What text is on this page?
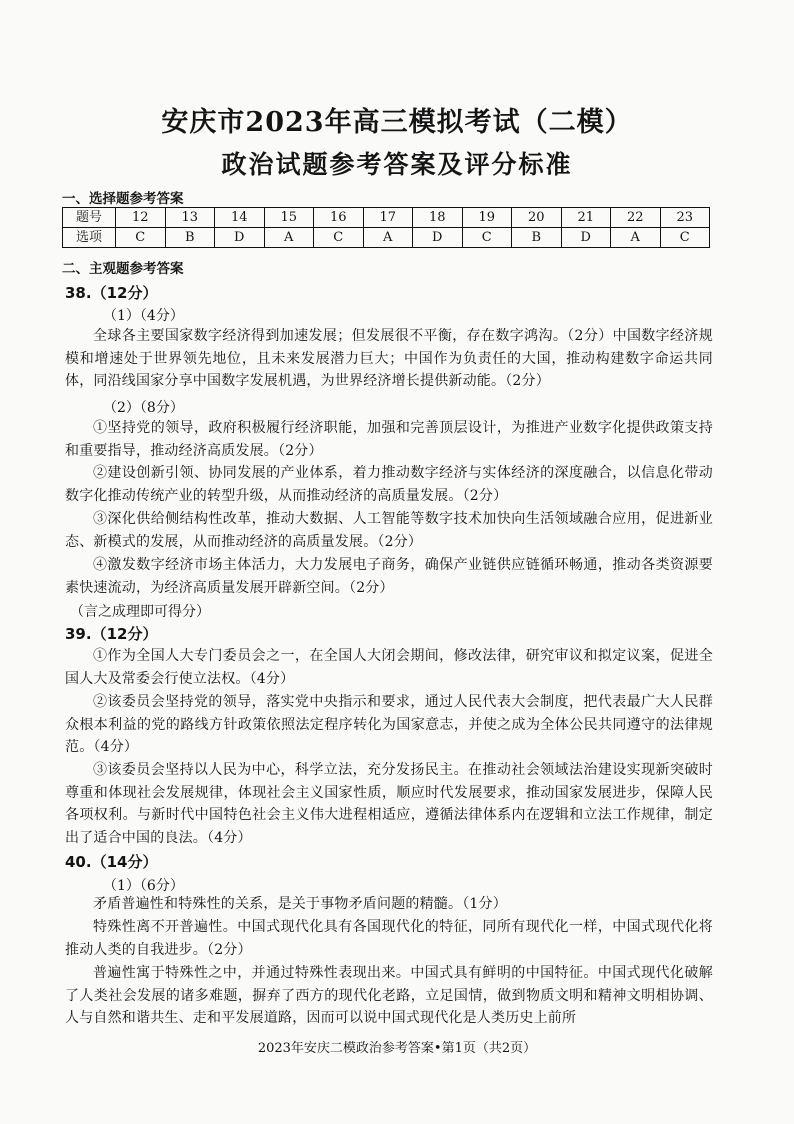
安庆市2023年高三模拟考试（二模）
政治试题参考答案及评分标准
一、选择题参考答案
题号	12	13	14	15	16	17	18	19	20	21	22	23
选项	C	B	D	A	C	A	D	C	B	D	A	C
二、主观题参考答案
38.（12分）
（1）（4分）
全球各主要国家数字经济得到加速发展；但发展很不平衡，存在数字鸿沟。（2分）中国数字经济规模和增速处于世界领先地位，且未来发展潜力巨大；中国作为负责任的大国，推动构建数字命运共同体，同沿线国家分享中国数字发展机遇，为世界经济增长提供新动能。（2分）
（2）（8分）
①坚持党的领导，政府积极履行经济职能，加强和完善顶层设计，为推进产业数字化提供政策支持和重要指导，推动经济高质发展。（2分）
②建设创新引领、协同发展的产业体系，着力推动数字经济与实体经济的深度融合，以信息化带动数字化推动传统产业的转型升级，从而推动经济的高质量发展。（2分）
③深化供给侧结构性改革，推动大数据、人工智能等数字技术加快向生活领域融合应用，促进新业态、新模式的发展，从而推动经济的高质量发展。（2分）
④激发数字经济市场主体活力，大力发展电子商务，确保产业链供应链循环畅通，推动各类资源要素快速流动，为经济高质量发展开辟新空间。（2分）
（言之成理即可得分）
39.（12分）
①作为全国人大专门委员会之一，在全国人大闭会期间，修改法律，研究审议和拟定议案，促进全国人大及常委会行使立法权。（4分）
②该委员会坚持党的领导，落实党中央指示和要求，通过人民代表大会制度，把代表最广大人民群众根本利益的党的路线方针政策依照法定程序转化为国家意志，并使之成为全体公民共同遵守的法律规范。（4分）
③该委员会坚持以人民为中心，科学立法，充分发扬民主。在推动社会领域法治建设实现新突破时尊重和体现社会发展规律，体现社会主义国家性质，顺应时代发展要求，推动国家发展进步，保障人民各项权利。与新时代中国特色社会主义伟大进程相适应，遵循法律体系内在逻辑和立法工作规律，制定出了适合中国的良法。（4分）
40.（14分）
（1）（6分）
矛盾普遍性和特殊性的关系，是关于事物矛盾问题的精髓。（1分）
特殊性离不开普遍性。中国式现代化具有各国现代化的特征，同所有现代化一样，中国式现代化将推动人类的自我进步。（2分）
普遍性寓于特殊性之中，并通过特殊性表现出来。中国式具有鲜明的中国特征。中国式现代化破解了人类社会发展的诸多难题，摒弃了西方的现代化老路，立足国情，做到物质文明和精神文明相协调、人与自然和谐共生、走和平发展道路，因而可以说中国式现代化是人类历史上前所
2023年安庆二模政治参考答案•第1页（共2页）
